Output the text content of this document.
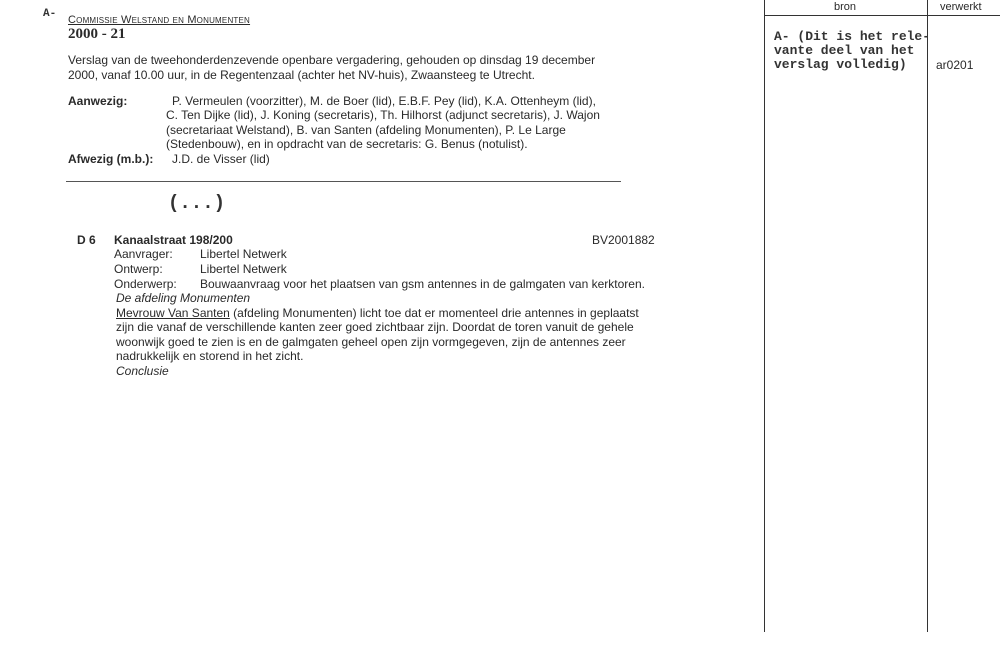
bron	verwerkt
A- (Dit is het rele-
vante deel van het
verslag volledig) ar0201
A- Commissie Welstand en Monumenten
2000 - 21
Verslag van de tweehonderdenzevende openbare vergadering, gehouden op dinsdag 19 december
2000, vanaf 10.00 uur, in de Regentenzaal (achter het NV-huis), Zwaansteeg te Utrecht.
Aanwezig:	P. Vermeulen (voorzitter), M. de Boer (lid), E.B.F. Pey (lid), K.A. Ottenheym (lid),
C. Ten Dijke (lid), J. Koning (secretaris), Th. Hilhorst (adjunct secretaris), J. Wajon
(secretariaat Welstand), B. van Santen (afdeling Monumenten), P. Le Large
(Stedenbouw), en in opdracht van de secretaris: G. Benus (notulist).
Afwezig (m.b.): J.D. de Visser (lid)
(...)
D 6 Kanaalstraat 198/200	BV2001882
Aanvrager: Libertel Netwerk
Ontwerp:	Libertel Netwerk
Onderwerp: Bouwaanvraag voor het plaatsen van gsm antennes in de galmgaten van kerktoren.
De afdeling Monumenten
Mevrouw Van Santen (afdeling Monumenten) licht toe dat er momenteel drie antennes in geplaatst
zijn die vanaf de verschillende kanten zeer goed zichtbaar zijn. Doordat de toren vanuit de gehele
woonwijk goed te zien is en de galmgaten geheel open zijn vormgegeven, zijn de antennes zeer
nadrukkelijk en storend in het zicht.
Conclusie
